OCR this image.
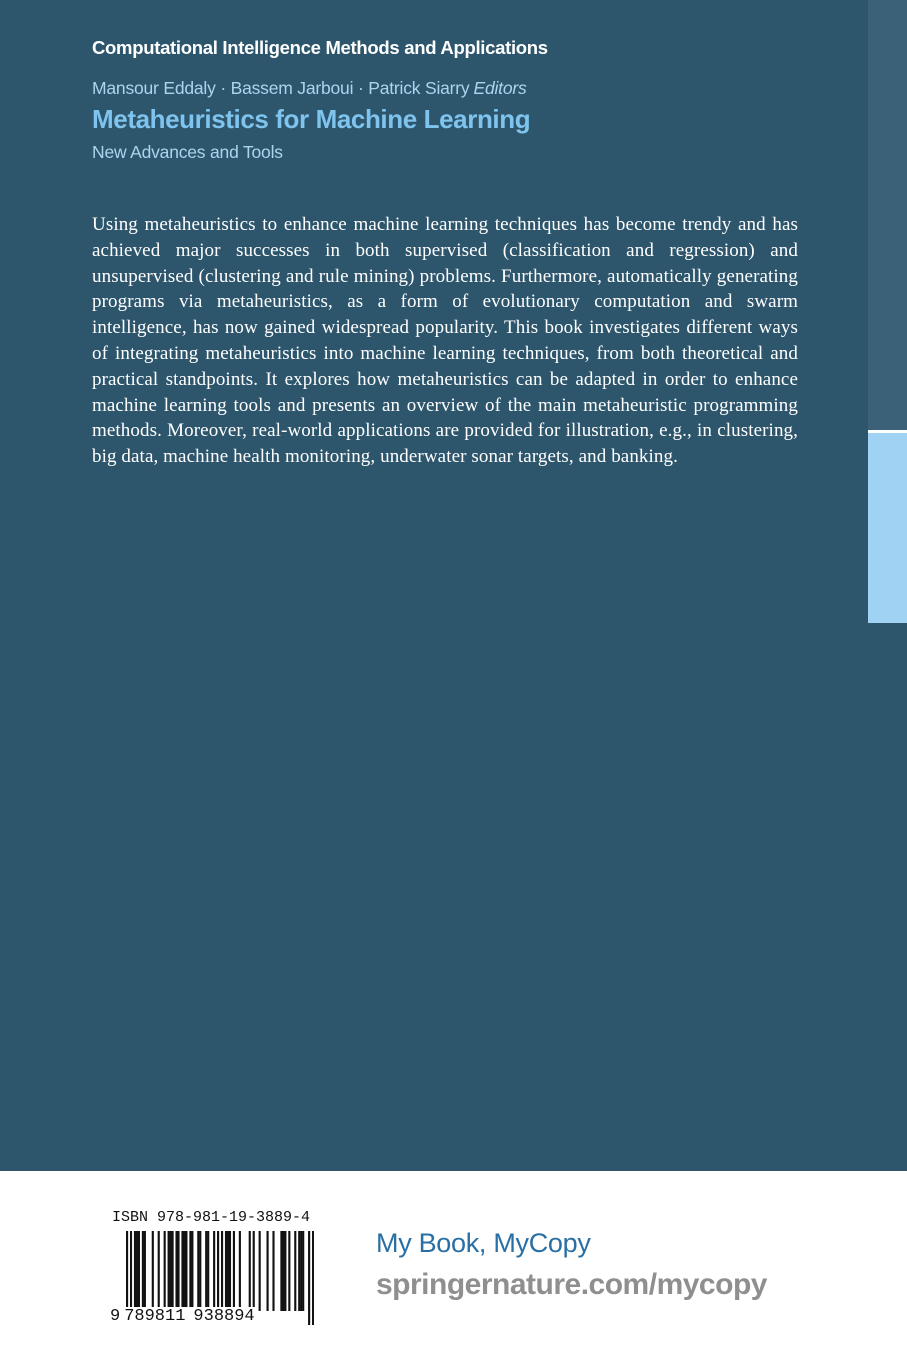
Computational Intelligence Methods and Applications
Mansour Eddaly · Bassem Jarboui · Patrick Siarry Editors
Metaheuristics for Machine Learning
New Advances and Tools

Using metaheuristics to enhance machine learning techniques has become trendy and has achieved major successes in both supervised (classification and regression) and unsupervised (clustering and rule mining) problems. Furthermore, automatically generating programs via metaheuristics, as a form of evolutionary computation and swarm intelligence, has now gained widespread popularity. This book investigates different ways of integrating metaheuristics into machine learning techniques, from both theoretical and practical standpoints. It explores how metaheuristics can be adapted in order to enhance machine learning tools and presents an overview of the main metaheuristic programming methods. Moreover, real-world applications are provided for illustration, e.g., in clustering, big data, machine health monitoring, underwater sonar targets, and banking.

ISBN 978-981-19-3889-4
9 789811 938894
My Book, MyCopy
springernature.com/mycopy
